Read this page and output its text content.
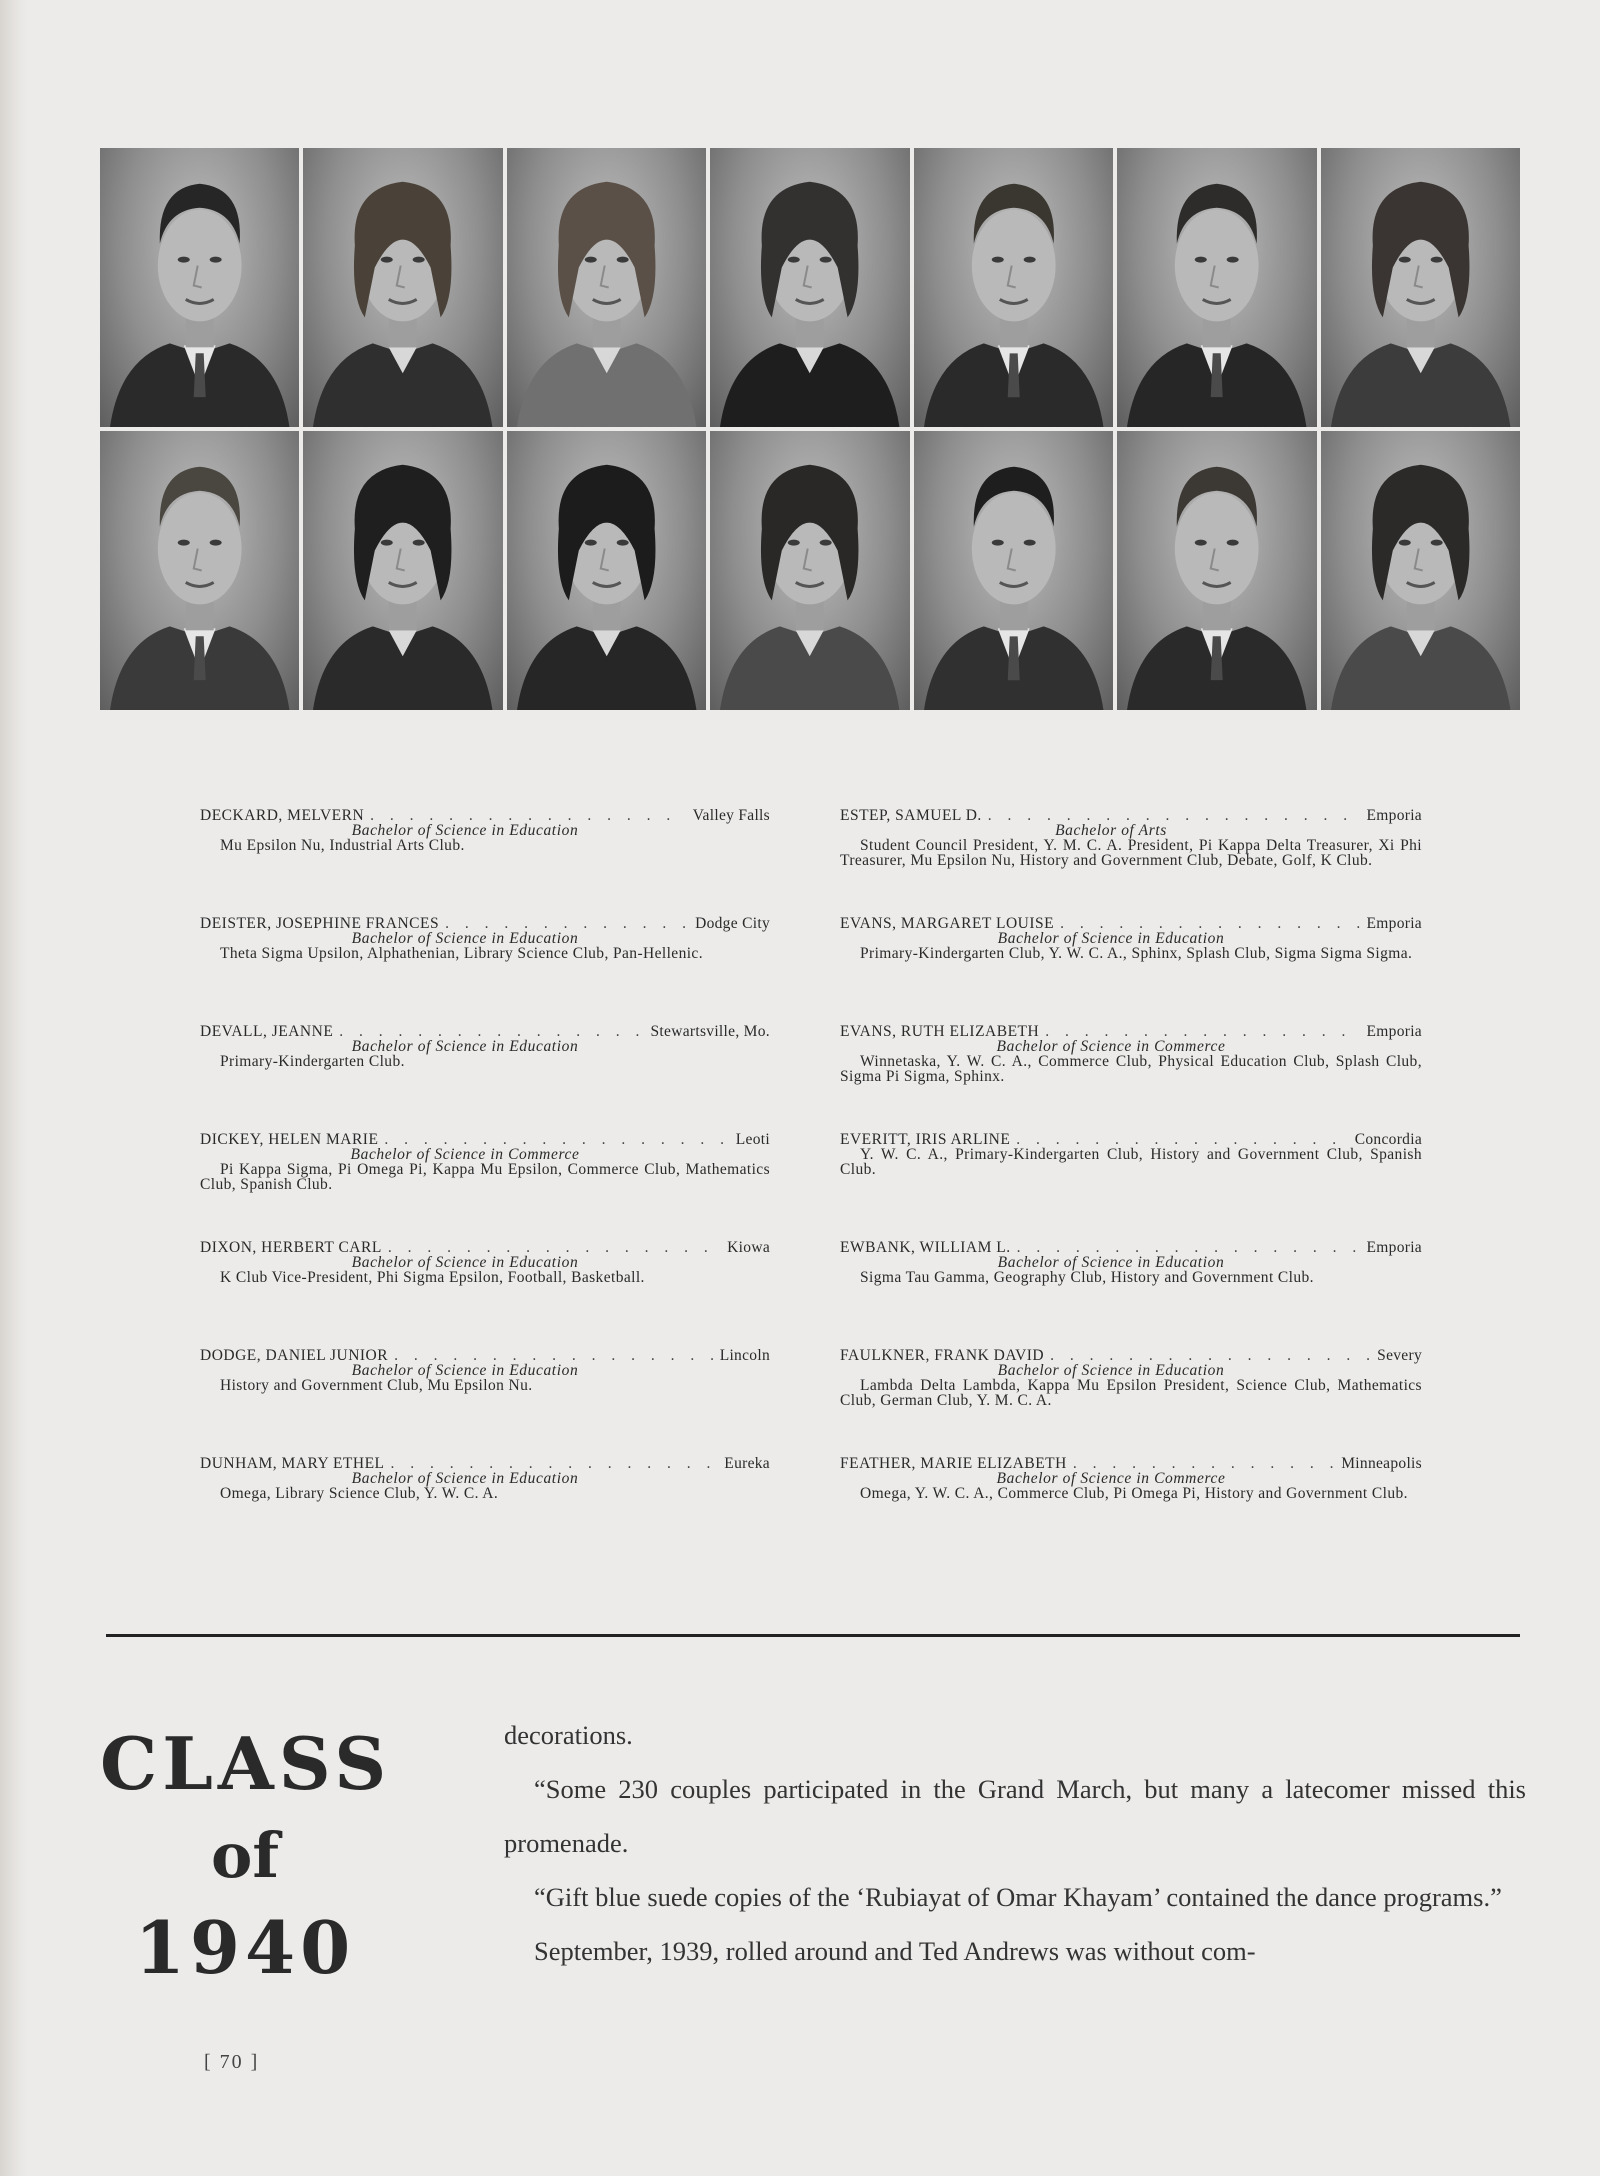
DECKARD, MELVERN . . .	Valley Falls
Bachelor of Science in Education
Mu Epsilon Nu, Industrial Arts Club.
DEISTER, JOSEPHINE FRANCES . . .	Dodge City
Bachelor of Science in Education
Theta Sigma Upsilon, Alphathenian, Library Science Club, Pan-Hellenic.
DEVALL, JEANNE . . .	Stewartsville, Mo.
Bachelor of Science in Education
Primary-Kindergarten Club.
DICKEY, HELEN MARIE . . .	Leoti
Bachelor of Science in Commerce
Pi Kappa Sigma, Pi Omega Pi, Kappa Mu Epsilon, Commerce Club, Mathematics Club, Spanish Club.
DIXON, HERBERT CARL . . .	Kiowa
Bachelor of Science in Education
K Club Vice-President, Phi Sigma Epsilon, Football, Basketball.
DODGE, DANIEL JUNIOR . . .	Lincoln
Bachelor of Science in Education
History and Government Club, Mu Epsilon Nu.
DUNHAM, MARY ETHEL . . .	Eureka
Bachelor of Science in Education
Omega, Library Science Club, Y. W. C. A.
ESTEP, SAMUEL D. . . .	Emporia
Bachelor of Arts
Student Council President, Y. M. C. A. President, Pi Kappa Delta Treasurer, Xi Phi Treasurer, Mu Epsilon Nu, History and Government Club, Debate, Golf, K Club.
EVANS, MARGARET LOUISE . . .	Emporia
Bachelor of Science in Education
Primary-Kindergarten Club, Y. W. C. A., Sphinx, Splash Club, Sigma Sigma Sigma.
EVANS, RUTH ELIZABETH . . .	Emporia
Bachelor of Science in Commerce
Winnetaska, Y. W. C. A., Commerce Club, Physical Education Club, Splash Club, Sigma Pi Sigma, Sphinx.
EVERITT, IRIS ARLINE . . .	Concordia
Y. W. C. A., Primary-Kindergarten Club, History and Government Club, Spanish Club.
EWBANK, WILLIAM L. . . .	Emporia
Bachelor of Science in Education
Sigma Tau Gamma, Geography Club, History and Government Club.
FAULKNER, FRANK DAVID . . .	Severy
Bachelor of Science in Education
Lambda Delta Lambda, Kappa Mu Epsilon President, Science Club, Mathematics Club, German Club, Y. M. C. A.
FEATHER, MARIE ELIZABETH . . .	Minneapolis
Bachelor of Science in Commerce
Omega, Y. W. C. A., Commerce Club, Pi Omega Pi, History and Government Club.
CLASS
of
1940

decorations.

“Some 230 couples participated in the Grand March, but many a latecomer missed this promenade.

“Gift blue suede copies of the ‘Rubiayat of Omar Khayam’ contained the dance programs.”

September, 1939, rolled around and Ted Andrews was without com-

[ 70 ]
